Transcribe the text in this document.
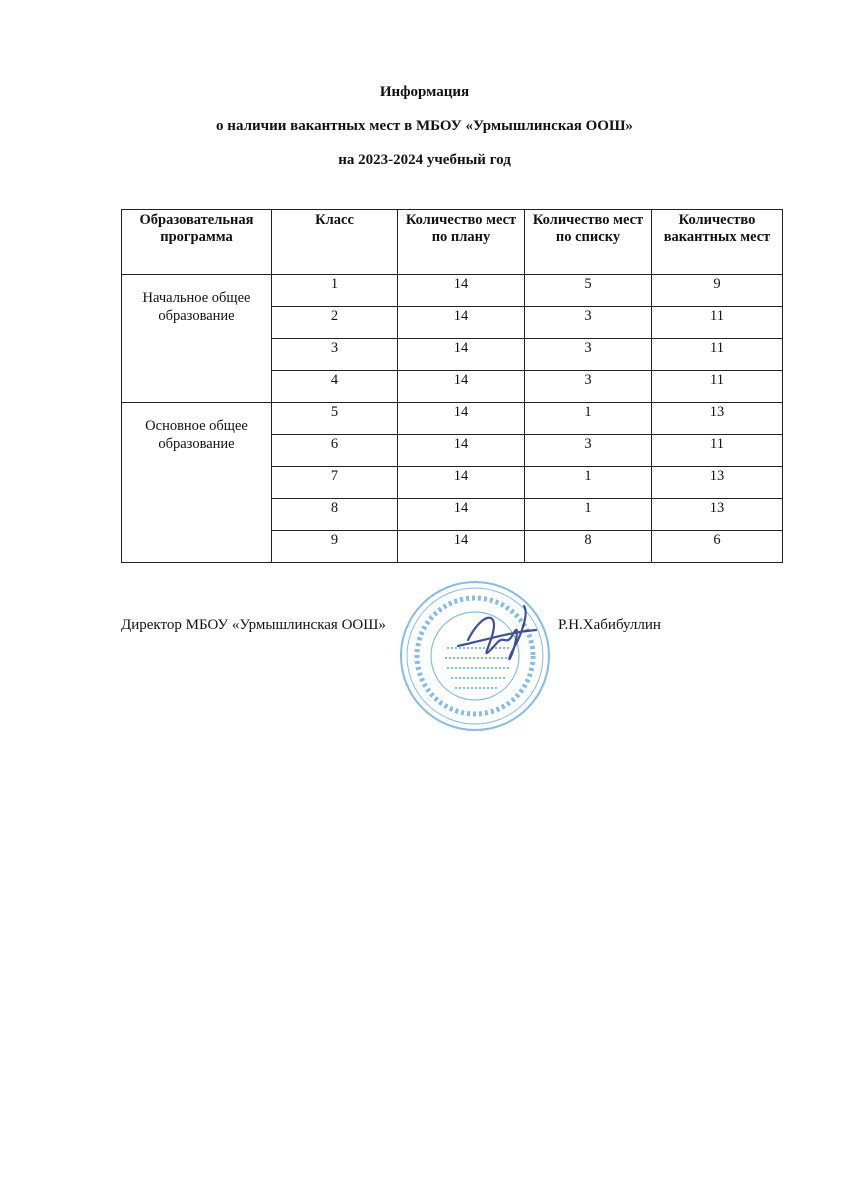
Информация
о наличии вакантных мест в МБОУ «Урмышлинская ООШ»
на 2023-2024 учебный год
Образовательная программа	Класс	Количество мест по плану	Количество мест по списку	Количество вакантных мест
Начальное общее образование	1	14	5	9
	2	14	3	11
	3	14	3	11
	4	14	3	11
Основное общее образование	5	14	1	13
	6	14	3	11
	7	14	1	13
	8	14	1	13
	9	14	8	6
Директор МБОУ «Урмышлинская ООШ»	Р.Н.Хабибуллин
